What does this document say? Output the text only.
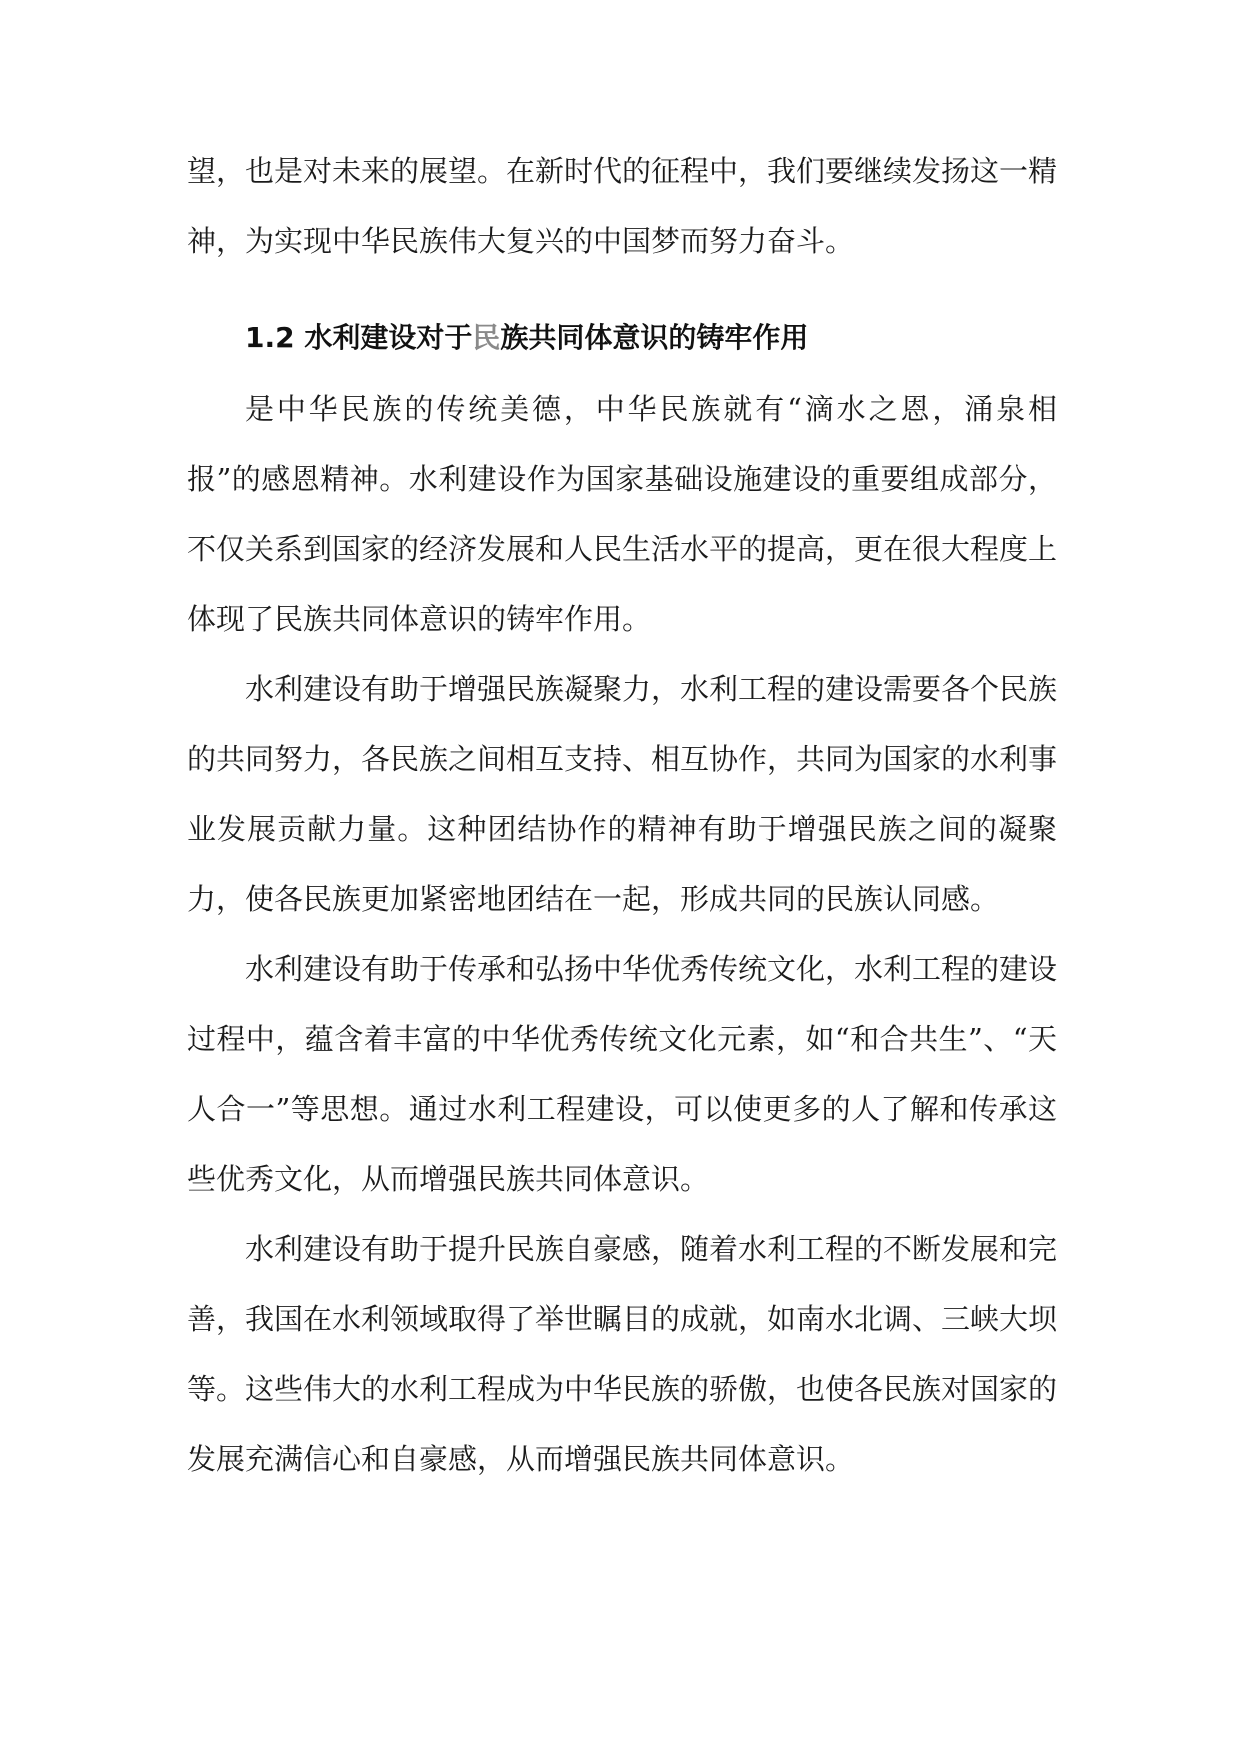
望，也是对未来的展望。在新时代的征程中，我们要继续发扬这一精神，为实现中华民族伟大复兴的中国梦而努力奋斗。

1.2 水利建设对于民族共同体意识的铸牢作用

是中华民族的传统美德，中华民族就有“滴水之恩，涌泉相报”的感恩精神。水利建设作为国家基础设施建设的重要组成部分，不仅关系到国家的经济发展和人民生活水平的提高，更在很大程度上体现了民族共同体意识的铸牢作用。

水利建设有助于增强民族凝聚力，水利工程的建设需要各个民族的共同努力，各民族之间相互支持、相互协作，共同为国家的水利事业发展贡献力量。这种团结协作的精神有助于增强民族之间的凝聚力，使各民族更加紧密地团结在一起，形成共同的民族认同感。

水利建设有助于传承和弘扬中华优秀传统文化，水利工程的建设过程中，蕴含着丰富的中华优秀传统文化元素，如“和合共生”、“天人合一”等思想。通过水利工程建设，可以使更多的人了解和传承这些优秀文化，从而增强民族共同体意识。

水利建设有助于提升民族自豪感，随着水利工程的不断发展和完善，我国在水利领域取得了举世瞩目的成就，如南水北调、三峡大坝等。这些伟大的水利工程成为中华民族的骄傲，也使各民族对国家的发展充满信心和自豪感，从而增强民族共同体意识。
